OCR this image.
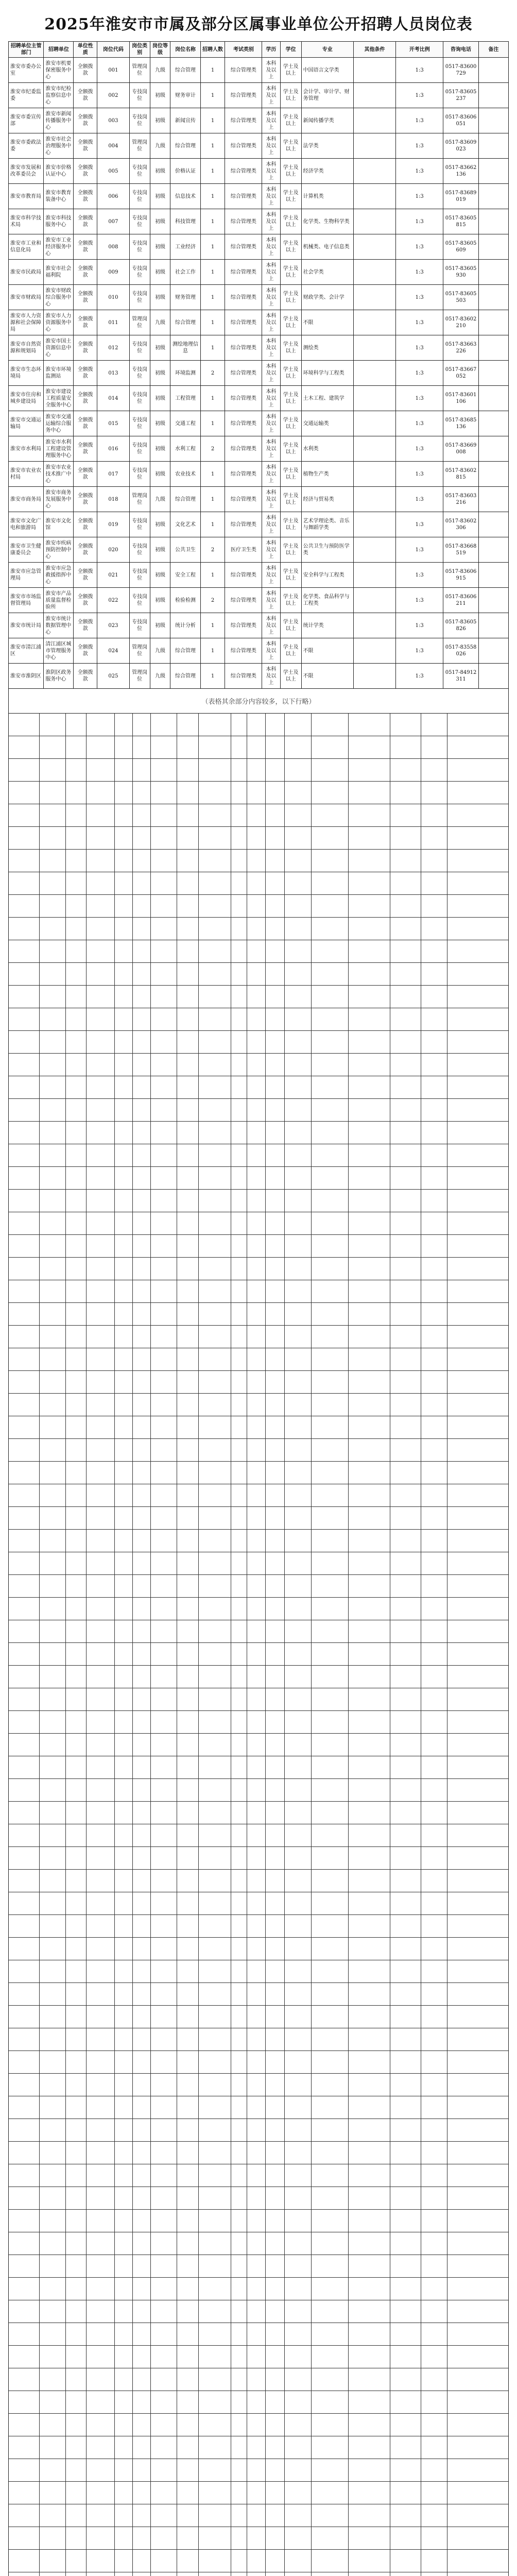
2025年淮安市市属及部分区属事业单位公开招聘人员岗位表
招聘单位主管部门	招聘单位	单位性质	岗位代码	岗位类别	岗位等级	岗位名称	招聘人数	考试类别	学历	学位	专业	其他条件	开考比例	咨询电话	备注
淮安市委办公室	淮安市机要保密服务中心	全额拨款	001	管理岗位	九级	综合管理	1	综合管理类	本科及以上	学士及以上	中国语言文学类		1:3	0517-83600729	
淮安市纪委监委	淮安市纪检监察信息中心	全额拨款	002	专技岗位	初级	财务审计	1	综合管理类	本科及以上	学士及以上	会计学、审计学、财务管理		1:3	0517-83605237	
淮安市委宣传部	淮安市新闻传播服务中心	全额拨款	003	专技岗位	初级	新闻宣传	1	综合管理类	本科及以上	学士及以上	新闻传播学类		1:3	0517-83606051	
淮安市委政法委	淮安市社会治理服务中心	全额拨款	004	管理岗位	九级	综合管理	1	综合管理类	本科及以上	学士及以上	法学类		1:3	0517-83609023	
淮安市发展和改革委员会	淮安市价格认证中心	全额拨款	005	专技岗位	初级	价格认证	1	综合管理类	本科及以上	学士及以上	经济学类		1:3	0517-83662136	
淮安市教育局	淮安市教育装备中心	全额拨款	006	专技岗位	初级	信息技术	1	综合管理类	本科及以上	学士及以上	计算机类		1:3	0517-83689019	
淮安市科学技术局	淮安市科技服务中心	全额拨款	007	专技岗位	初级	科技管理	1	综合管理类	本科及以上	学士及以上	化学类、生物科学类		1:3	0517-83605815	
淮安市工业和信息化局	淮安市工业经济服务中心	全额拨款	008	专技岗位	初级	工业经济	1	综合管理类	本科及以上	学士及以上	机械类、电子信息类		1:3	0517-83605609	
淮安市民政局	淮安市社会福利院	全额拨款	009	专技岗位	初级	社会工作	1	综合管理类	本科及以上	学士及以上	社会学类		1:3	0517-83605930	
淮安市财政局	淮安市财政综合服务中心	全额拨款	010	专技岗位	初级	财务管理	1	综合管理类	本科及以上	学士及以上	财政学类、会计学		1:3	0517-83605503	
淮安市人力资源和社会保障局	淮安市人力资源服务中心	全额拨款	011	管理岗位	九级	综合管理	1	综合管理类	本科及以上	学士及以上	不限		1:3	0517-83602210	
淮安市自然资源和规划局	淮安市国土资源信息中心	全额拨款	012	专技岗位	初级	测绘地理信息	1	综合管理类	本科及以上	学士及以上	测绘类		1:3	0517-83663226	
淮安市生态环境局	淮安市环境监测站	全额拨款	013	专技岗位	初级	环境监测	2	综合管理类	本科及以上	学士及以上	环境科学与工程类		1:3	0517-83667052	
淮安市住房和城乡建设局	淮安市建设工程质量安全服务中心	全额拨款	014	专技岗位	初级	工程管理	1	综合管理类	本科及以上	学士及以上	土木工程、建筑学		1:3	0517-83601106	
淮安市交通运输局	淮安市交通运输综合服务中心	全额拨款	015	专技岗位	初级	交通工程	1	综合管理类	本科及以上	学士及以上	交通运输类		1:3	0517-83685136	
淮安市水利局	淮安市水利工程建设管理服务中心	全额拨款	016	专技岗位	初级	水利工程	2	综合管理类	本科及以上	学士及以上	水利类		1:3	0517-83669008	
淮安市农业农村局	淮安市农业技术推广中心	全额拨款	017	专技岗位	初级	农业技术	1	综合管理类	本科及以上	学士及以上	植物生产类		1:3	0517-83602815	
淮安市商务局	淮安市商务发展服务中心	全额拨款	018	管理岗位	九级	综合管理	1	综合管理类	本科及以上	学士及以上	经济与贸易类		1:3	0517-83603216	
淮安市文化广电和旅游局	淮安市文化馆	全额拨款	019	专技岗位	初级	文化艺术	1	综合管理类	本科及以上	学士及以上	艺术学理论类、音乐与舞蹈学类		1:3	0517-83602306	
淮安市卫生健康委员会	淮安市疾病预防控制中心	全额拨款	020	专技岗位	初级	公共卫生	2	医疗卫生类	本科及以上	学士及以上	公共卫生与预防医学类		1:3	0517-83668519	
淮安市应急管理局	淮安市应急救援指挥中心	全额拨款	021	专技岗位	初级	安全工程	1	综合管理类	本科及以上	学士及以上	安全科学与工程类		1:3	0517-83606915	
淮安市市场监督管理局	淮安市产品质量监督检验所	全额拨款	022	专技岗位	初级	检验检测	2	综合管理类	本科及以上	学士及以上	化学类、食品科学与工程类		1:3	0517-83606211	
淮安市统计局	淮安市统计数据管理中心	全额拨款	023	专技岗位	初级	统计分析	1	综合管理类	本科及以上	学士及以上	统计学类		1:3	0517-83605826	
淮安市清江浦区	清江浦区城市管理服务中心	全额拨款	024	管理岗位	九级	综合管理	1	综合管理类	本科及以上	学士及以上	不限		1:3	0517-83558026	
淮安市淮阴区	淮阴区政务服务中心	全额拨款	025	管理岗位	九级	综合管理	1	综合管理类	本科及以上	学士及以上	不限		1:3	0517-84912311	
（表格其余部分内容较多，以下行略）
